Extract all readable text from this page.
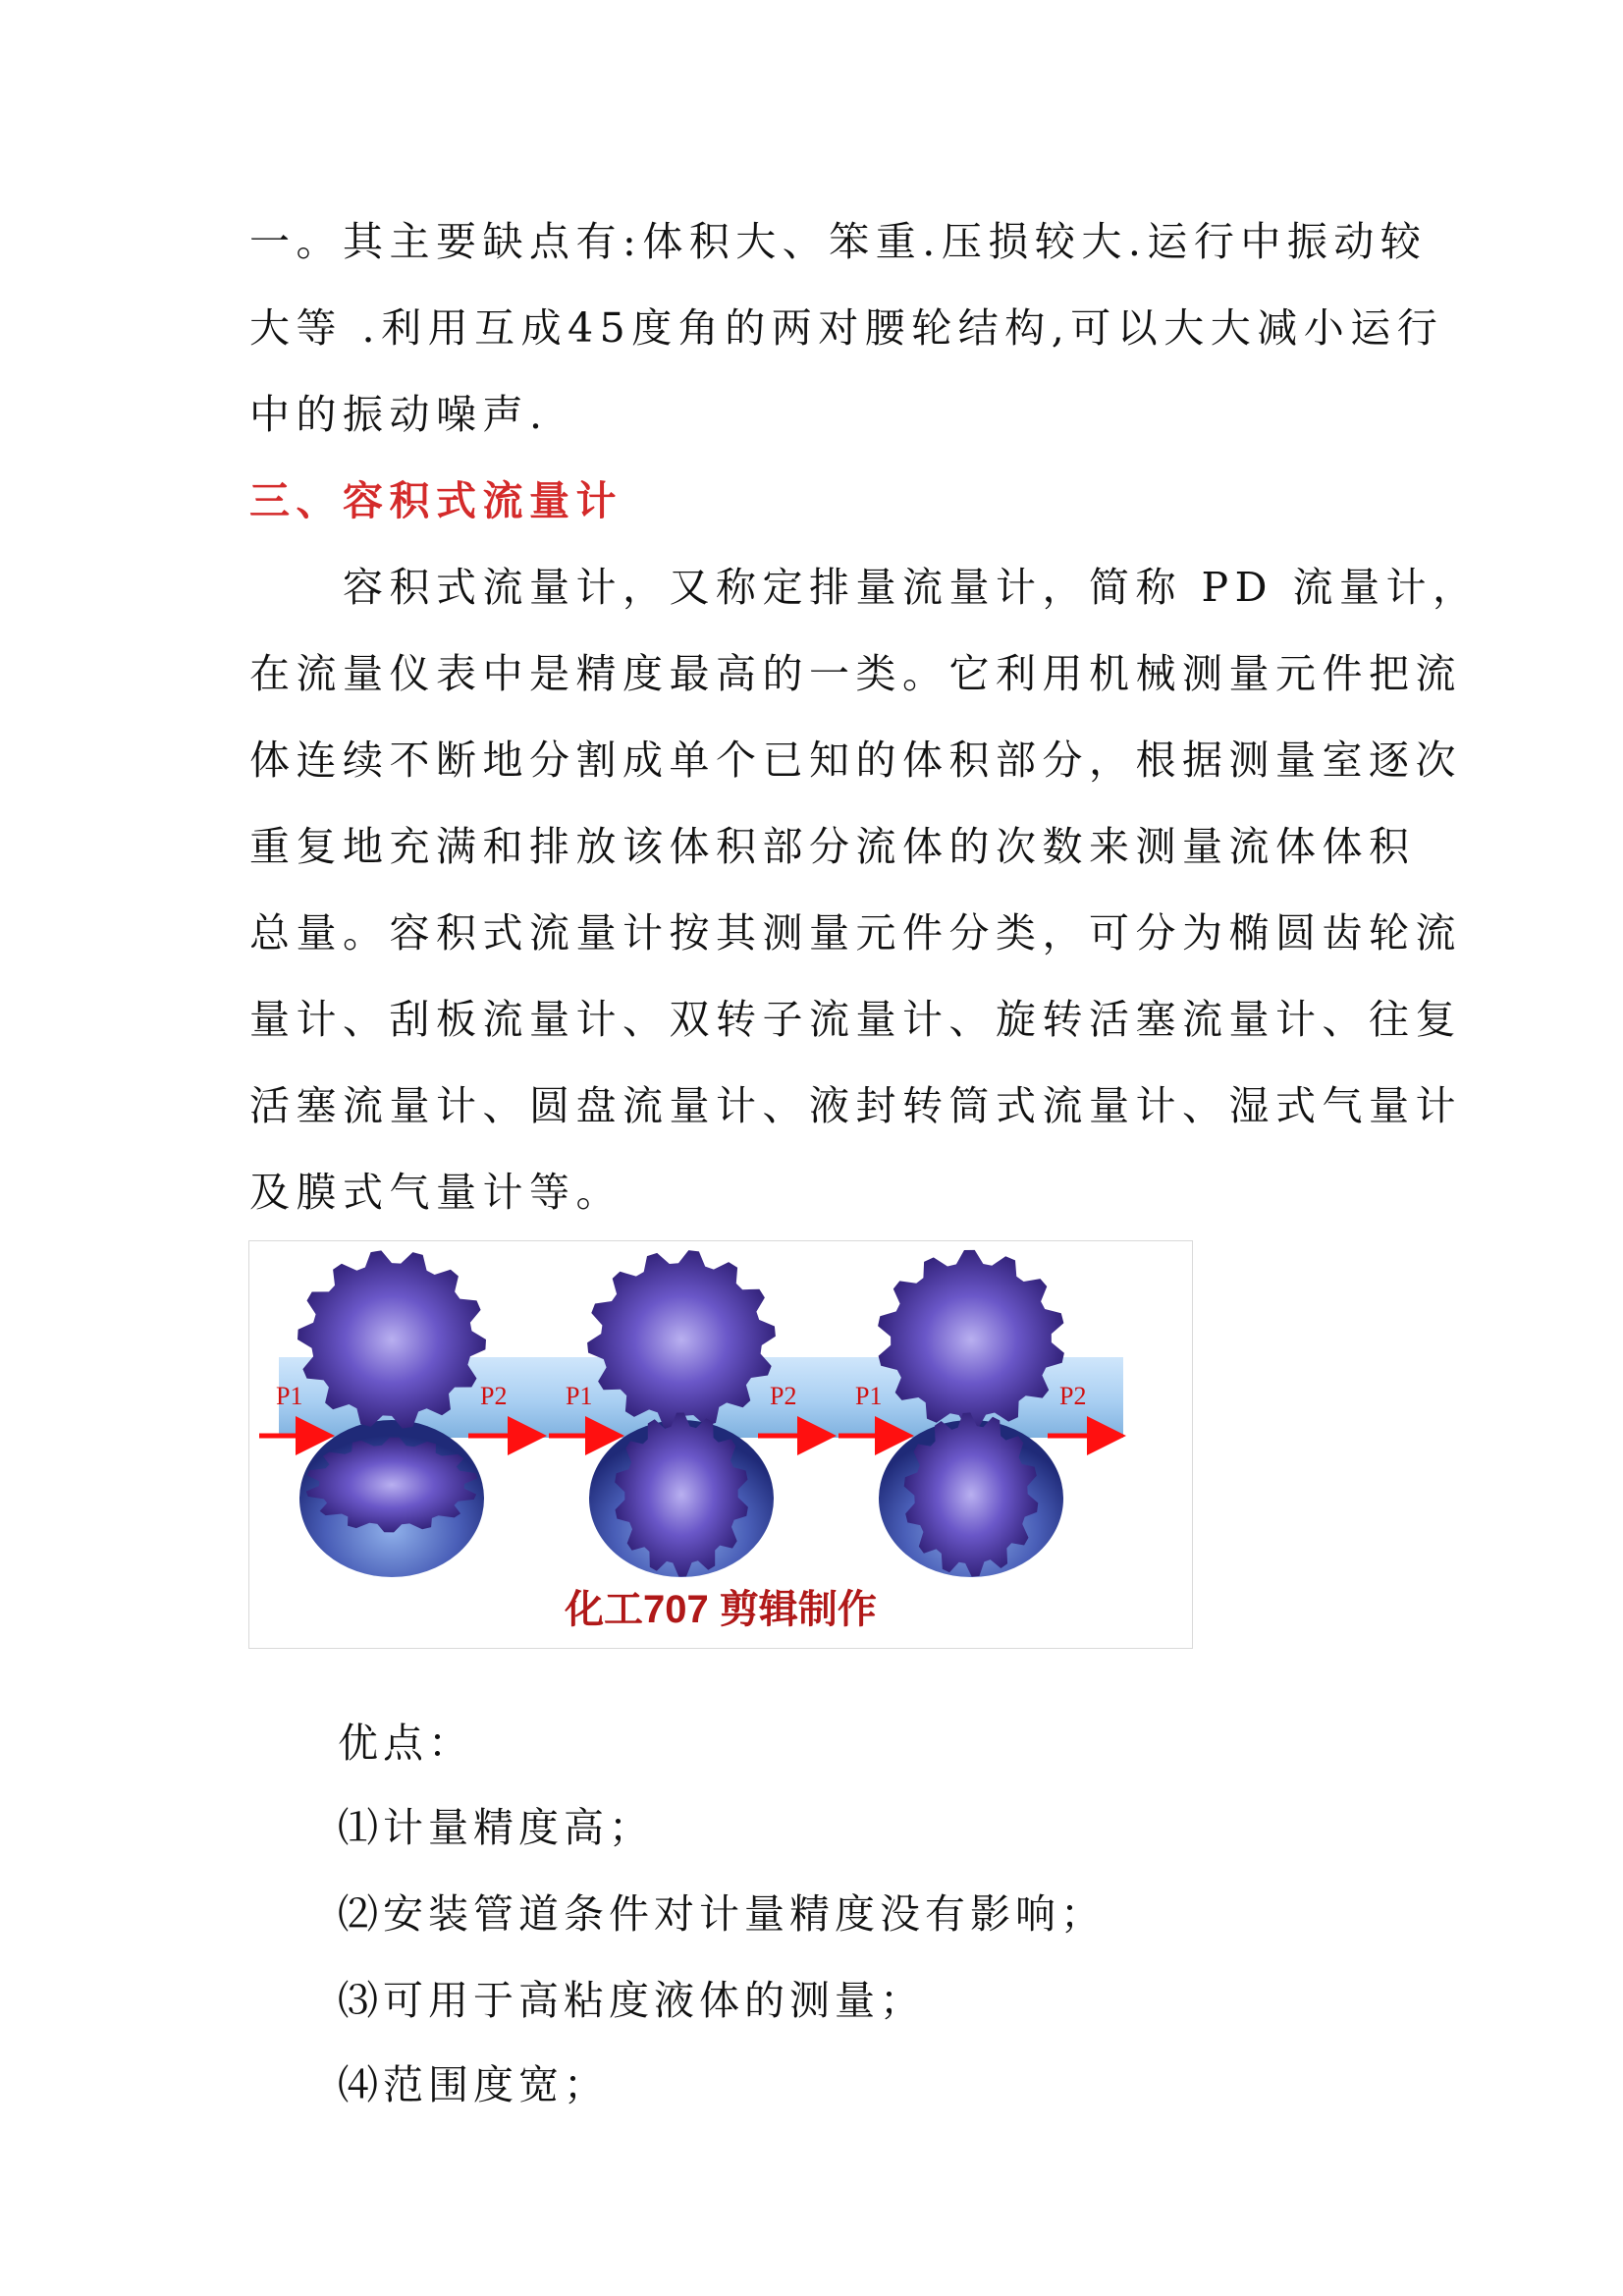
一。其主要缺点有:体积大、笨重.压损较大.运行中振动较
大等 .利用互成45度角的两对腰轮结构,可以大大减小运行
中的振动噪声.
三、容积式流量计
　　容积式流量计，又称定排量流量计，简称 PD 流量计，
在流量仪表中是精度最高的一类。它利用机械测量元件把流
体连续不断地分割成单个已知的体积部分，根据测量室逐次
重复地充满和排放该体积部分流体的次数来测量流体体积
总量。容积式流量计按其测量元件分类，可分为椭圆齿轮流
量计、刮板流量计、双转子流量计、旋转活塞流量计、往复
活塞流量计、圆盘流量计、液封转筒式流量计、湿式气量计
及膜式气量计等。
P1	P2 P1	P2 P1	P2
化工707 剪辑制作

优点：

⑴计量精度高；

⑵安装管道条件对计量精度没有影响；

⑶可用于高粘度液体的测量；

⑷范围度宽；
